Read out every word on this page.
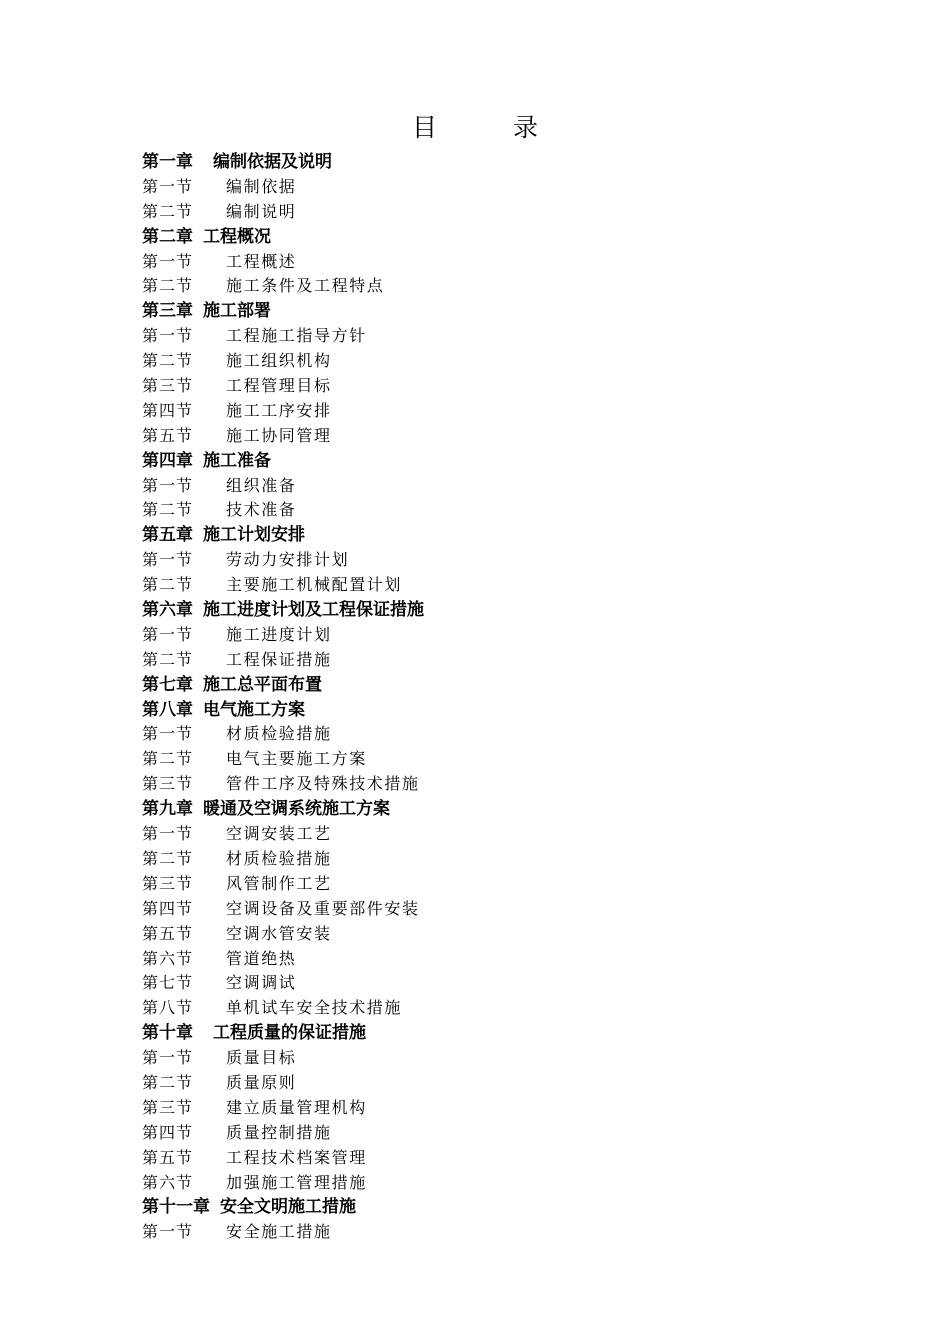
目 录
第一章 编制依据及说明
第一节 编制依据
第二节 编制说明
第二章 工程概况
第一节 工程概述
第二节 施工条件及工程特点
第三章 施工部署
第一节 工程施工指导方针
第二节 施工组织机构
第三节 工程管理目标
第四节 施工工序安排
第五节 施工协同管理
第四章 施工准备
第一节 组织准备
第二节 技术准备
第五章 施工计划安排
第一节 劳动力安排计划
第二节 主要施工机械配置计划
第六章 施工进度计划及工程保证措施
第一节 施工进度计划
第二节 工程保证措施
第七章 施工总平面布置
第八章 电气施工方案
第一节 材质检验措施
第二节 电气主要施工方案
第三节 管件工序及特殊技术措施
第九章 暖通及空调系统施工方案
第一节 空调安装工艺
第二节 材质检验措施
第三节 风管制作工艺
第四节 空调设备及重要部件安装
第五节 空调水管安装
第六节 管道绝热
第七节 空调调试
第八节 单机试车安全技术措施
第十章 工程质量的保证措施
第一节 质量目标
第二节 质量原则
第三节 建立质量管理机构
第四节 质量控制措施
第五节 工程技术档案管理
第六节 加强施工管理措施
第十一章 安全文明施工措施
第一节 安全施工措施
